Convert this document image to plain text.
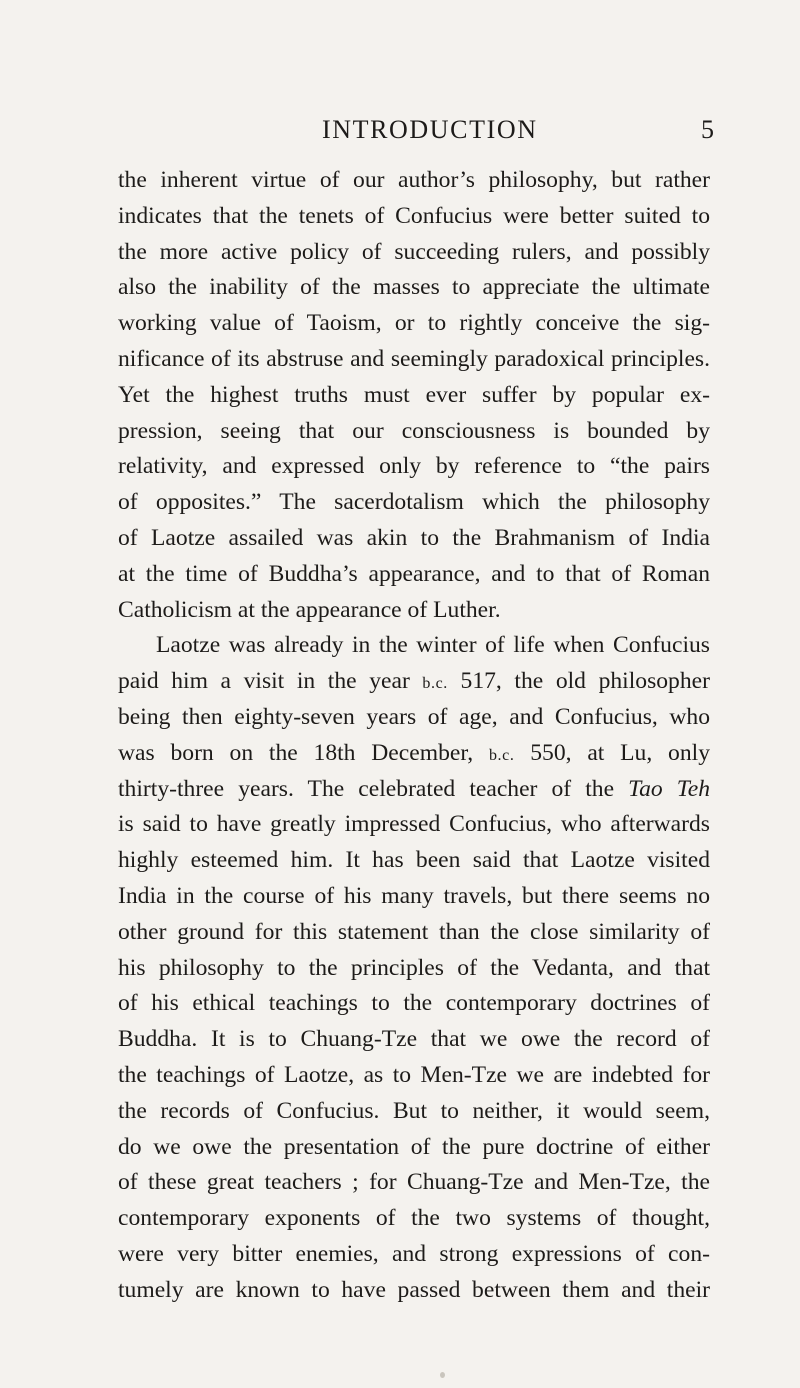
INTRODUCTION	5
the inherent virtue of our author’s philosophy, but rather
indicates that the tenets of Confucius were better suited to
the more active policy of succeeding rulers, and possibly
also the inability of the masses to appreciate the ultimate
working value of Taoism, or to rightly conceive the sig-
nificance of its abstruse and seemingly paradoxical principles.
Yet the highest truths must ever suffer by popular ex-
pression, seeing that our consciousness is bounded by
relativity, and expressed only by reference to “the pairs
of opposites.” The sacerdotalism which the philosophy
of Laotze assailed was akin to the Brahmanism of India
at the time of Buddha’s appearance, and to that of Roman
Catholicism at the appearance of Luther.
Laotze was already in the winter of life when Confucius
paid him a visit in the year b.c. 517, the old philosopher
being then eighty-seven years of age, and Confucius, who
was born on the 18th December, b.c. 550, at Lu, only
thirty-three years. The celebrated teacher of the Tao Teh
is said to have greatly impressed Confucius, who afterwards
highly esteemed him. It has been said that Laotze visited
India in the course of his many travels, but there seems no
other ground for this statement than the close similarity of
his philosophy to the principles of the Vedanta, and that
of his ethical teachings to the contemporary doctrines of
Buddha. It is to Chuang-Tze that we owe the record of
the teachings of Laotze, as to Men-Tze we are indebted for
the records of Confucius. But to neither, it would seem,
do we owe the presentation of the pure doctrine of either
of these great teachers ; for Chuang-Tze and Men-Tze, the
contemporary exponents of the two systems of thought,
were very bitter enemies, and strong expressions of con-
tumely are known to have passed between them and their
